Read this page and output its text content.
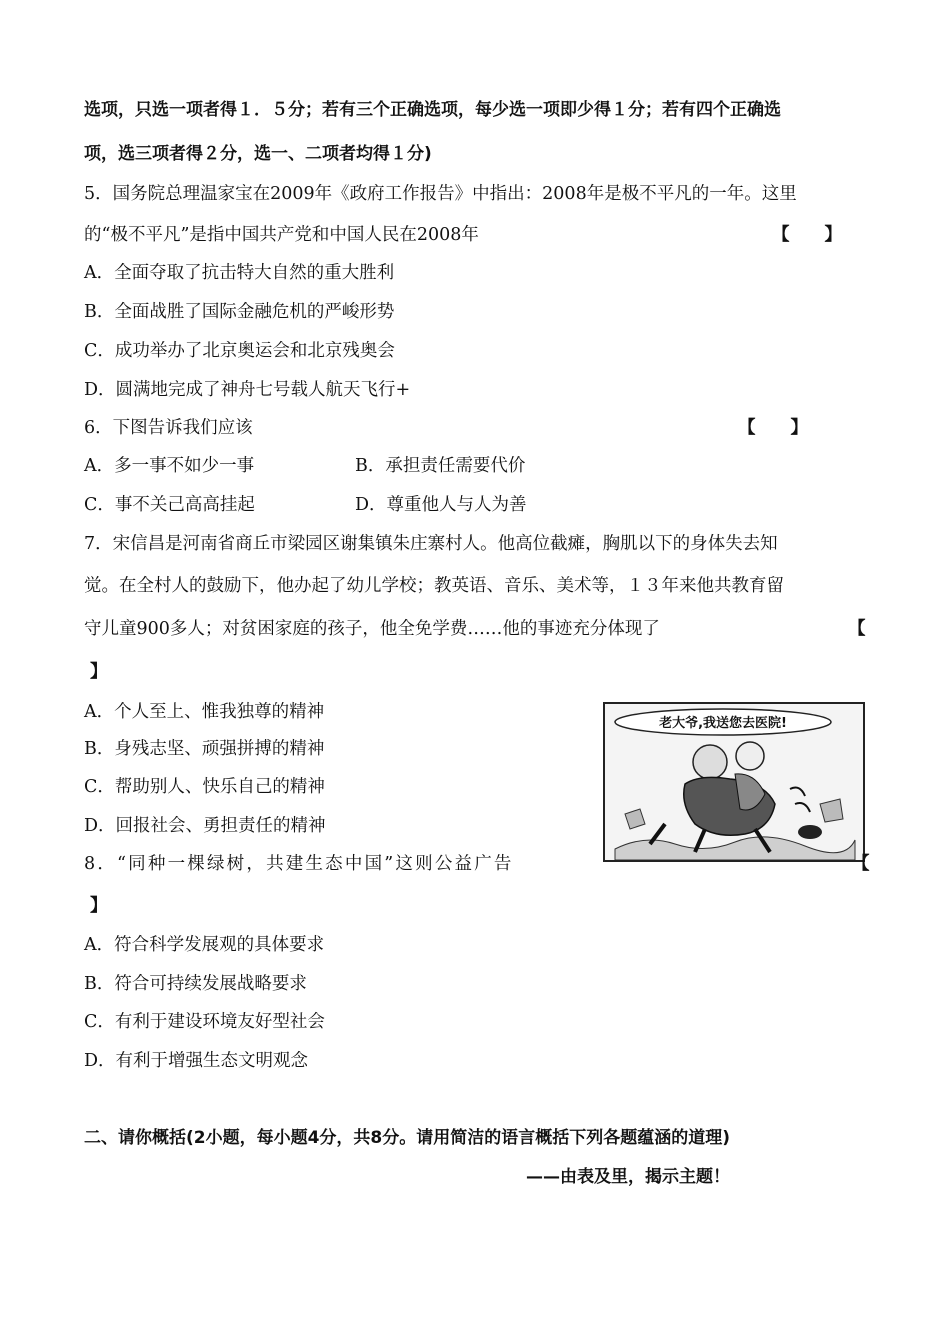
选项，只选一项者得１．５分；若有三个正确选项，每少选一项即少得１分；若有四个正确选
项，选三项者得２分，选一、二项者均得１分)
5．国务院总理温家宝在2009年《政府工作报告》中指出：2008年是极不平凡的一年。这里
的“极不平凡”是指中国共产党和中国人民在2008年	【　　】
A．全面夺取了抗击特大自然的重大胜利
B．全面战胜了国际金融危机的严峻形势
C．成功举办了北京奥运会和北京残奥会
D．圆满地完成了神舟七号载人航天飞行+
6．下图告诉我们应该	【　　】
A．多一事不如少一事	B．承担责任需要代价
C．事不关己高高挂起	D．尊重他人与人为善
7．宋信昌是河南省商丘市梁园区谢集镇朱庄寨村人。他高位截瘫，胸肌以下的身体失去知
觉。在全村人的鼓励下，他办起了幼儿学校；教英语、音乐、美术等，１３年来他共教育留
守儿童900多人；对贫困家庭的孩子，他全免学费……他的事迹充分体现了	【
】
A．个人至上、惟我独尊的精神
B．身残志坚、顽强拼搏的精神
C．帮助别人、快乐自己的精神
D．回报社会、勇担责任的精神
老大爷,我送您去医院!
8．“同种一棵绿树，共建生态中国”这则公益广告	【
】
A．符合科学发展观的具体要求
B．符合可持续发展战略要求
C．有利于建设环境友好型社会
D．有利于增强生态文明观念
二、请你概括(2小题，每小题4分，共8分。请用简洁的语言概括下列各题蕴涵的道理)
——由表及里，揭示主题！
